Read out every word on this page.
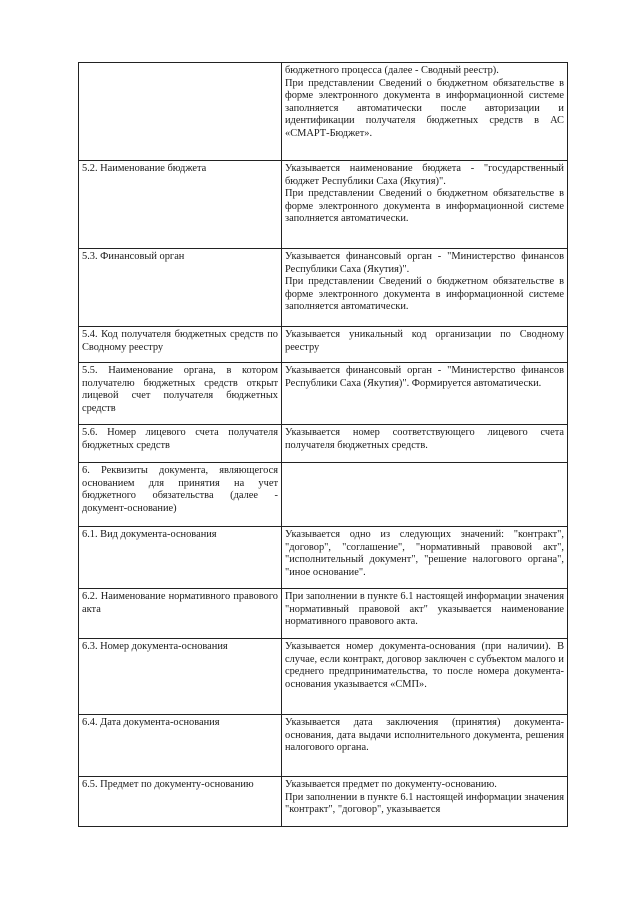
	бюджетного процесса (далее - Сводный реестр).
При представлении Сведений о бюджетном обязательстве в форме электронного документа в информационной системе заполняется автоматически после авторизации и идентификации получателя бюджетных средств в АС «СМАРТ-Бюджет».

5.2. Наименование бюджета	Указывается наименование бюджета - "государственный бюджет Республики Саха (Якутия)".
При представлении Сведений о бюджетном обязательстве в форме электронного документа в информационной системе заполняется автоматически.

5.3. Финансовый орган	Указывается финансовый орган - "Министерство финансов Республики Саха (Якутия)".
При представлении Сведений о бюджетном обязательстве в форме электронного документа в информационной системе заполняется автоматически.

5.4. Код получателя бюджетных средств по Сводному реестру	Указывается уникальный код организации по Сводному реестру

5.5. Наименование органа, в котором получателю бюджетных средств открыт лицевой счет получателя бюджетных средств	Указывается финансовый орган - "Министерство финансов Республики Саха (Якутия)". Формируется автоматически.

5.6. Номер лицевого счета получателя бюджетных средств	Указывается номер соответствующего лицевого счета получателя бюджетных средств.

6. Реквизиты документа, являющегося основанием для принятия на учет бюджетного обязательства (далее - документ-основание)	
6.1. Вид документа-основания	Указывается одно из следующих значений: "контракт", "договор", "соглашение", "нормативный правовой акт", "исполнительный документ", "решение налогового органа", "иное основание".

6.2. Наименование нормативного правового акта	При заполнении в пункте 6.1 настоящей информации значения "нормативный правовой акт" указывается наименование нормативного правового акта.

6.3. Номер документа-основания	Указывается номер документа-основания (при наличии). В случае, если контракт, договор заключен с субъектом малого и среднего предпринимательства, то после номера документа-основания указывается «СМП».

6.4. Дата документа-основания	Указывается дата заключения (принятия) документа-основания, дата выдачи исполнительного документа, решения налогового органа.

6.5. Предмет по документу-основанию	Указывается предмет по документу-основанию.
При заполнении в пункте 6.1 настоящей информации значения "контракт", "договор", указывается
